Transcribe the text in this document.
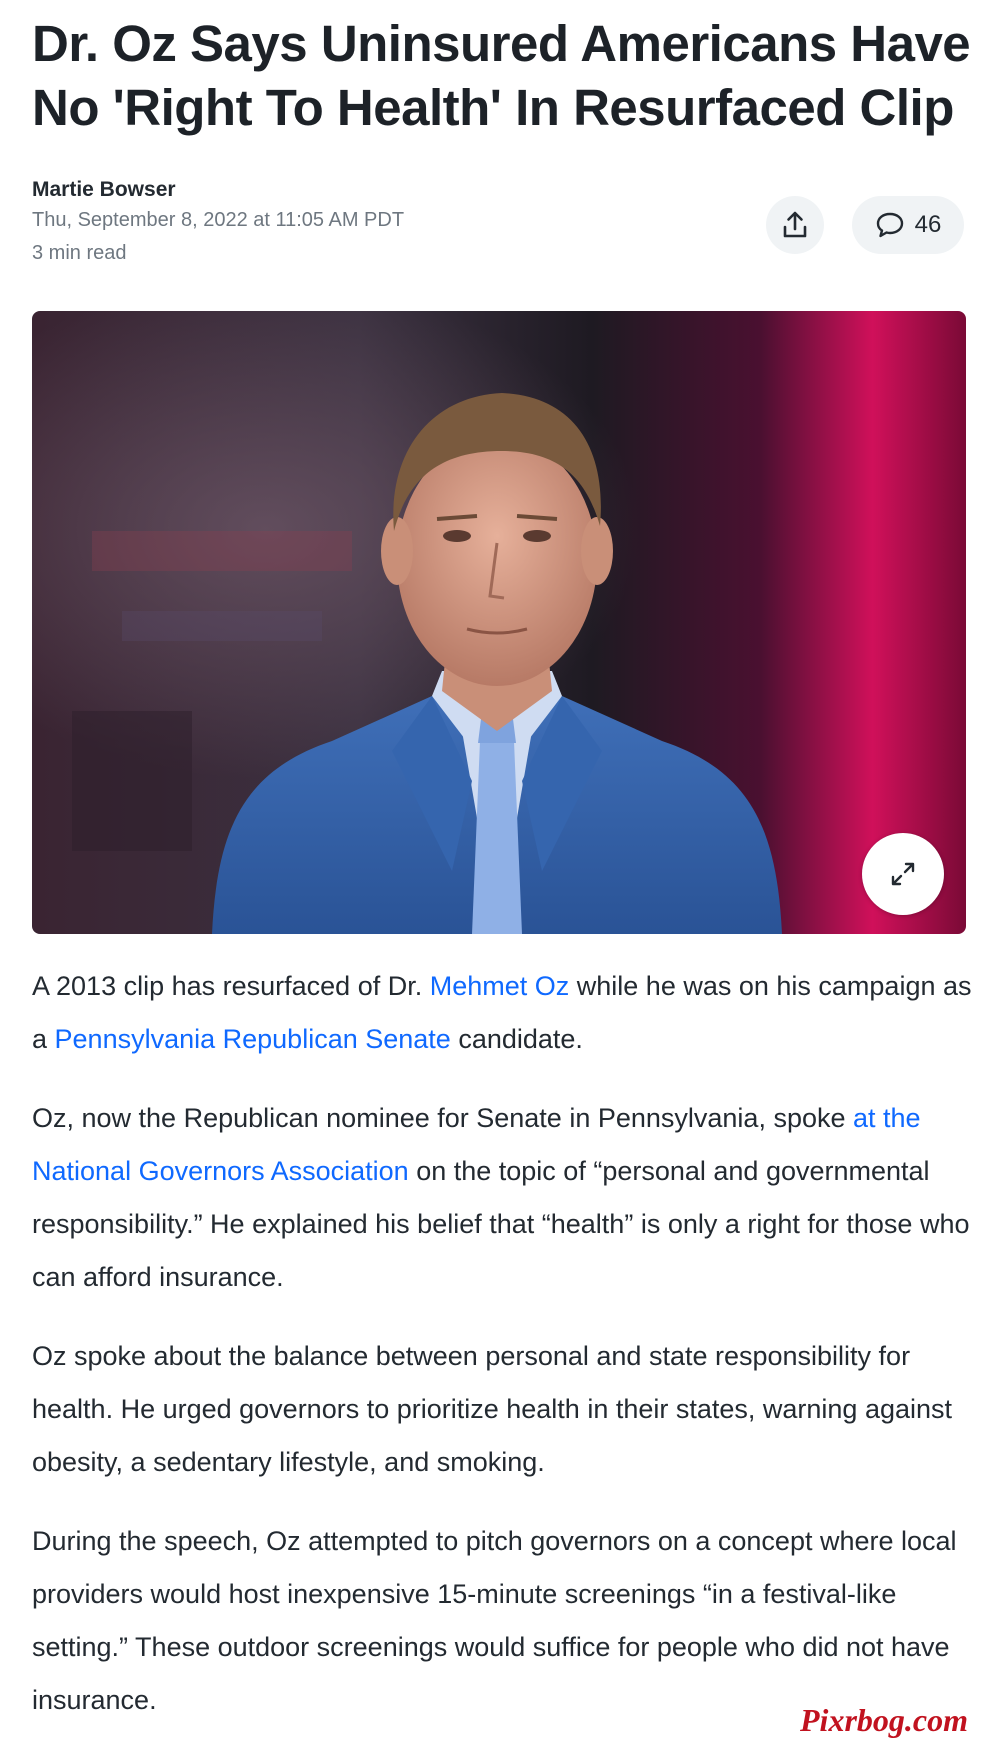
Dr. Oz Says Uninsured Americans Have No 'Right To Health' In Resurfaced Clip
Martie Bowser
Thu, September 8, 2022 at 11:05 AM PDT
3 min read
46

A 2013 clip has resurfaced of Dr. Mehmet Oz while he was on his campaign as a Pennsylvania Republican Senate candidate.

Oz, now the Republican nominee for Senate in Pennsylvania, spoke at the National Governors Association on the topic of “personal and governmental responsibility.” He explained his belief that “health” is only a right for those who can afford insurance.

Oz spoke about the balance between personal and state responsibility for health. He urged governors to prioritize health in their states, warning against obesity, a sedentary lifestyle, and smoking.

During the speech, Oz attempted to pitch governors on a concept where local providers would host inexpensive 15-minute screenings “in a festival-like setting.” These outdoor screenings would suffice for people who did not have insurance.

Pixrbog.com
